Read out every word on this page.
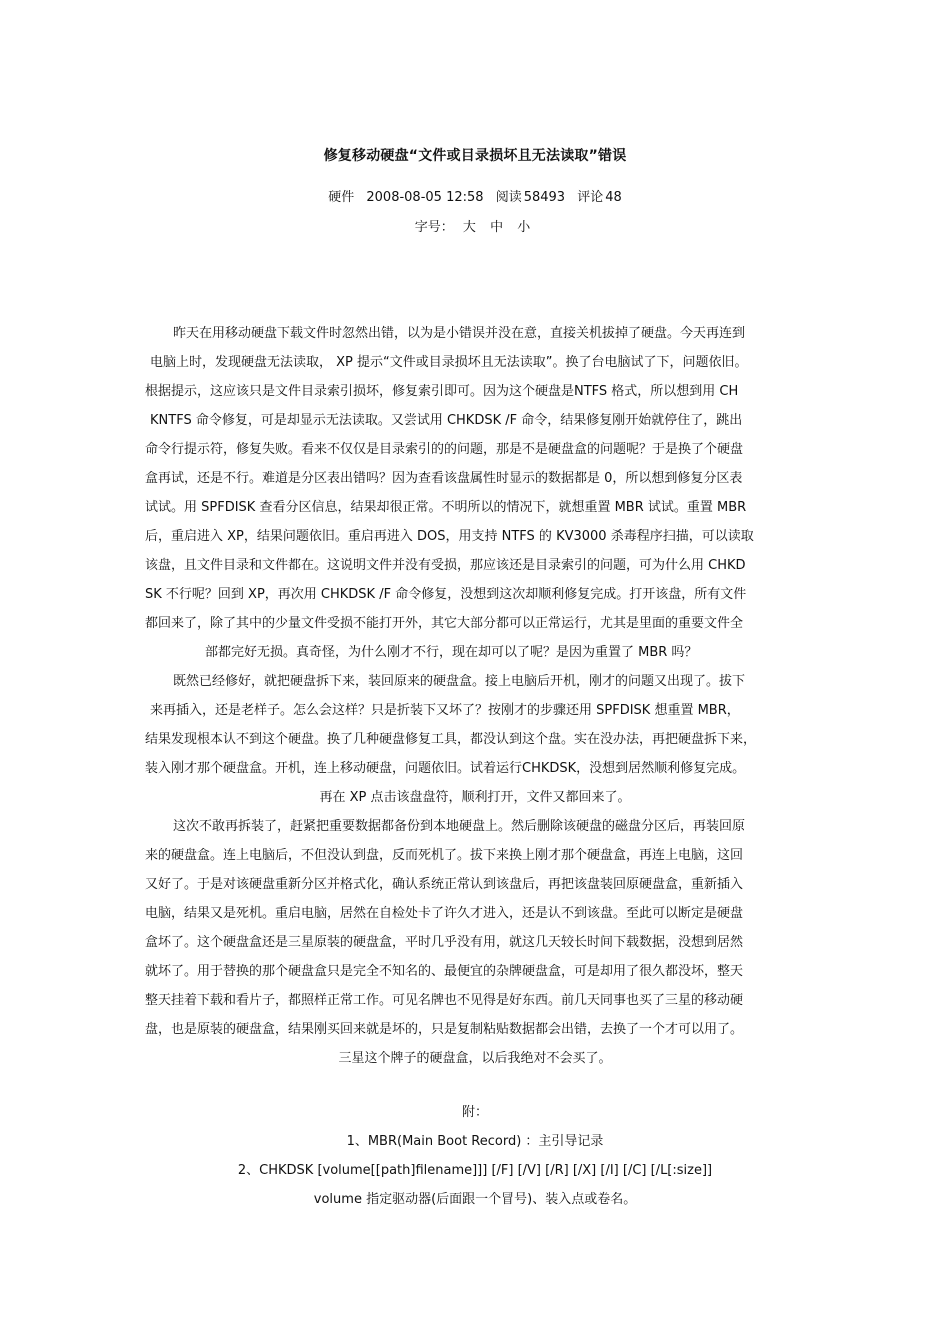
修复移动硬盘“文件或目录损坏且无法读取”错误
硬件 2008-08-05 12:58 阅读 58493 评论 48
字号： 大 中 小
昨天在用移动硬盘下载文件时忽然出错，以为是小错误并没在意，直接关机拔掉了硬盘。今天再连到
电脑上时，发现硬盘无法读取， XP 提示“文件或目录损坏且无法读取”。换了台电脑试了下，问题依旧。
根据提示，这应该只是文件目录索引损坏，修复索引即可。因为这个硬盘是NTFS 格式，所以想到用 CH
KNTFS 命令修复，可是却显示无法读取。又尝试用 CHKDSK /F 命令，结果修复刚开始就停住了，跳出
命令行提示符，修复失败。看来不仅仅是目录索引的的问题，那是不是硬盘盒的问题呢？于是换了个硬盘
盒再试，还是不行。难道是分区表出错吗？因为查看该盘属性时显示的数据都是 0，所以想到修复分区表
试试。用 SPFDISK 查看分区信息，结果却很正常。不明所以的情况下，就想重置 MBR 试试。重置 MBR
后，重启进入 XP，结果问题依旧。重启再进入 DOS，用支持 NTFS 的 KV3000 杀毒程序扫描，可以读取
该盘，且文件目录和文件都在。这说明文件并没有受损，那应该还是目录索引的问题，可为什么用 CHKD
SK 不行呢？回到 XP，再次用 CHKDSK /F 命令修复，没想到这次却顺利修复完成。打开该盘，所有文件
都回来了，除了其中的少量文件受损不能打开外，其它大部分都可以正常运行，尤其是里面的重要文件全
部都完好无损。真奇怪，为什么刚才不行，现在却可以了呢？是因为重置了 MBR 吗？
既然已经修好，就把硬盘拆下来，装回原来的硬盘盒。接上电脑后开机，刚才的问题又出现了。拔下
来再插入，还是老样子。怎么会这样？只是折装下又坏了？按刚才的步骤还用 SPFDISK 想重置 MBR，
结果发现根本认不到这个硬盘。换了几种硬盘修复工具，都没认到这个盘。实在没办法，再把硬盘拆下来，
装入刚才那个硬盘盒。开机，连上移动硬盘，问题依旧。试着运行CHKDSK，没想到居然顺利修复完成。
再在 XP 点击该盘盘符，顺利打开，文件又都回来了。
这次不敢再拆装了，赶紧把重要数据都备份到本地硬盘上。然后删除该硬盘的磁盘分区后，再装回原
来的硬盘盒。连上电脑后，不但没认到盘，反而死机了。拔下来换上刚才那个硬盘盒，再连上电脑，这回
又好了。于是对该硬盘重新分区并格式化，确认系统正常认到该盘后，再把该盘装回原硬盘盒，重新插入
电脑，结果又是死机。重启电脑，居然在自检处卡了许久才进入，还是认不到该盘。至此可以断定是硬盘
盒坏了。这个硬盘盒还是三星原装的硬盘盒，平时几乎没有用，就这几天较长时间下载数据，没想到居然
就坏了。用于替换的那个硬盘盒只是完全不知名的、最便宜的杂牌硬盘盒，可是却用了很久都没坏，整天
整天挂着下载和看片子，都照样正常工作。可见名牌也不见得是好东西。前几天同事也买了三星的移动硬
盘，也是原装的硬盘盒，结果刚买回来就是坏的，只是复制粘贴数据都会出错，去换了一个才可以用了。
三星这个牌子的硬盘盒，以后我绝对不会买了。
附：
1、MBR(Main Boot Record) ：主引导记录
2、CHKDSK [volume[[path]filename]]] [/F] [/V] [/R] [/X] [/I] [/C] [/L[:size]]
volume 指定驱动器(后面跟一个冒号)、装入点或卷名。
